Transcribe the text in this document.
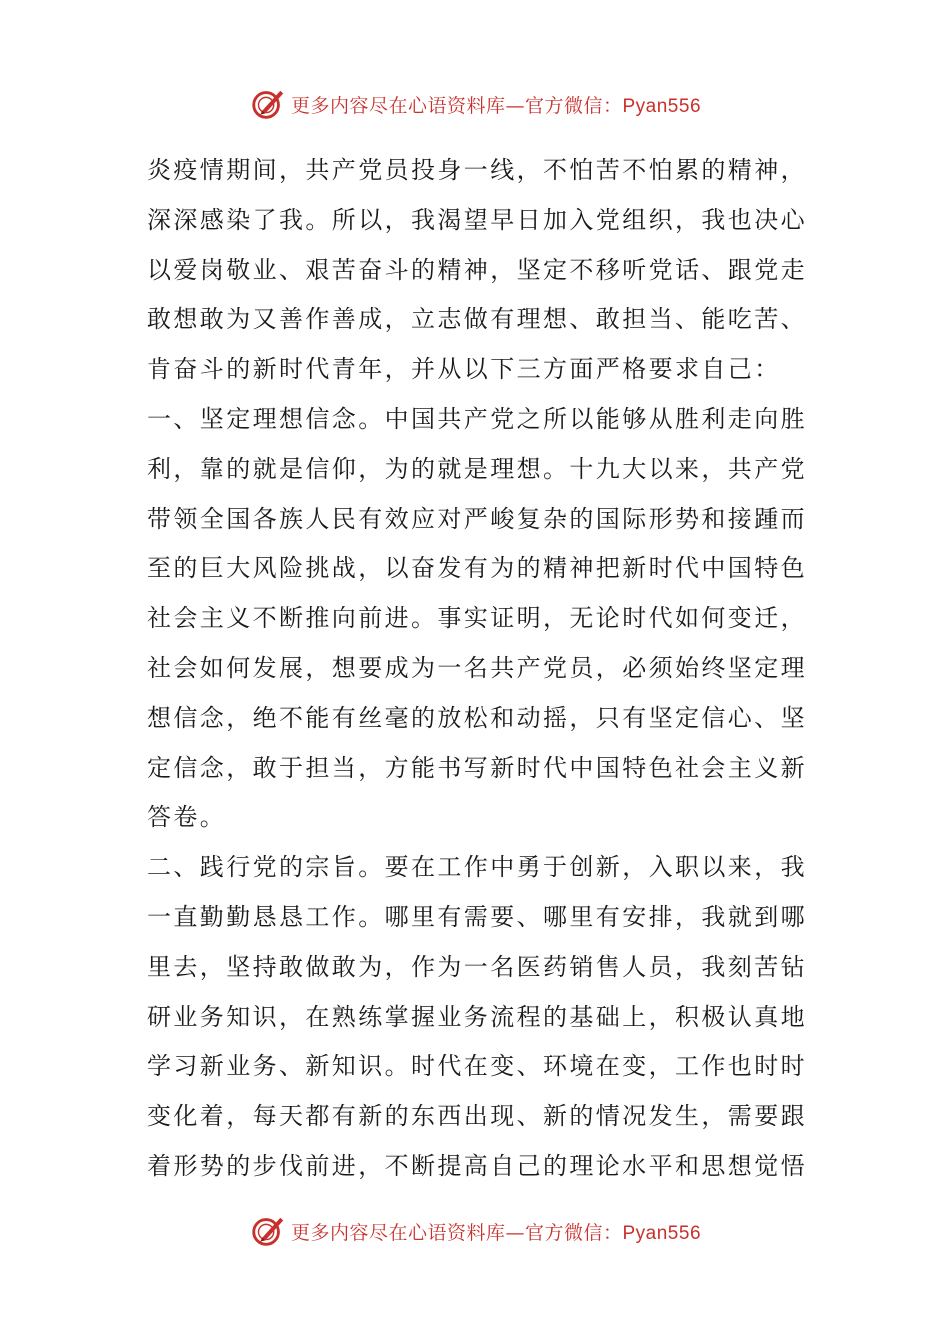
更多内容尽在心语资料库—官方微信：Pyan556

炎疫情期间，共产党员投身一线，不怕苦不怕累的精神，深深感染了我。所以，我渴望早日加入党组织，我也决心以爱岗敬业、艰苦奋斗的精神，坚定不移听党话、跟党走敢想敢为又善作善成，立志做有理想、敢担当、能吃苦、肯奋斗的新时代青年，并从以下三方面严格要求自己：

一、坚定理想信念。中国共产党之所以能够从胜利走向胜利，靠的就是信仰，为的就是理想。十九大以来，共产党带领全国各族人民有效应对严峻复杂的国际形势和接踵而至的巨大风险挑战，以奋发有为的精神把新时代中国特色社会主义不断推向前进。事实证明，无论时代如何变迁，社会如何发展，想要成为一名共产党员，必须始终坚定理想信念，绝不能有丝毫的放松和动摇，只有坚定信心、坚定信念，敢于担当，方能书写新时代中国特色社会主义新答卷。

二、践行党的宗旨。要在工作中勇于创新，入职以来，我一直勤勤恳恳工作。哪里有需要、哪里有安排，我就到哪里去，坚持敢做敢为，作为一名医药销售人员，我刻苦钻研业务知识，在熟练掌握业务流程的基础上，积极认真地学习新业务、新知识。时代在变、环境在变，工作也时时变化着，每天都有新的东西出现、新的情况发生，需要跟着形势的步伐前进，不断提高自己的理论水平和思想觉悟

更多内容尽在心语资料库—官方微信：Pyan556
